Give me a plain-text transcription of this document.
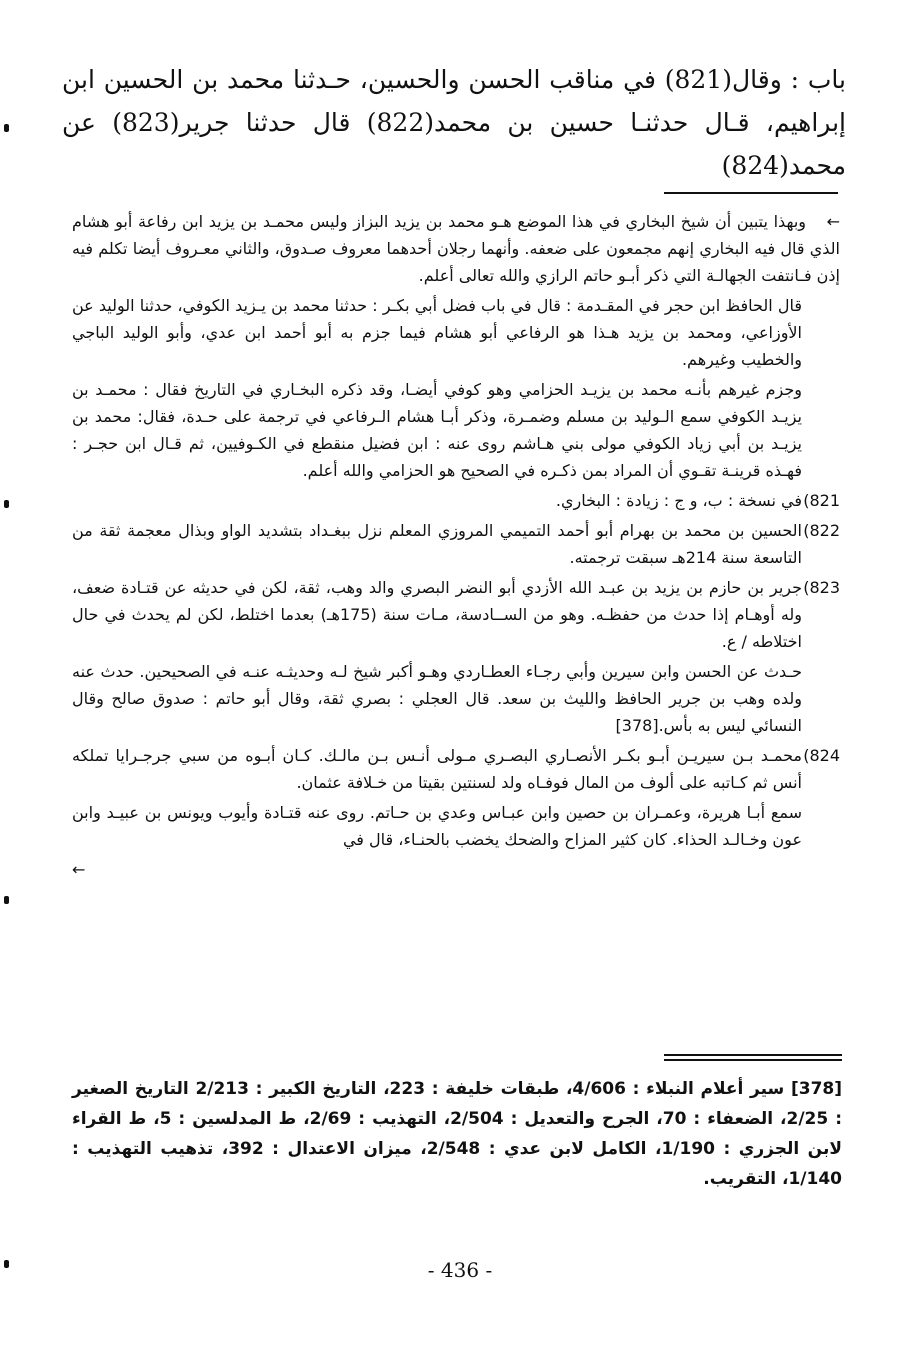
باب : وقال(821) في مناقب الحسن والحسين، حـدثنا محمد بن الحسين ابن إبراهيم، قـال حدثنـا حسين بن محمد(822) قال حدثنا جرير(823) عن محمد(824)
←وبهذا يتبين أن شيخ البخاري في هذا الموضع هـو محمد بن يزيد البزاز وليس محمـد بن يزيد ابن رفاعة أبو هشام الذي قال فيه البخاري إنهم مجمعون على ضعفه. وأنهما رجلان أحدهما معروف صـدوق، والثاني معـروف أيضا تكلم فيه إذن فـانتفت الجهالـة التي ذكر أبـو حاتم الرازي والله تعالى أعلم.
قال الحافظ ابن حجر في المقـدمة : قال في باب فضل أبي بكـر : حدثنا محمد بن يـزيد الكوفي، حدثنا الوليد عن الأوزاعي، ومحمد بن يزيد هـذا هو الرفاعي أبو هشام فيما جزم به أبو أحمد ابن عدي، وأبو الوليد الباجي والخطيب وغيرهم.
وجزم غيرهم بأنـه محمد بن يزيـد الحزامي وهو كوفي أيضـا، وقد ذكره البخـاري في التاريخ فقال : محمـد بن يزيـد الكوفي سمع الـوليد بن مسلم وضمـرة، وذكر أبـا هشام الـرفاعي في ترجمة على حـدة، فقال: محمد بن يزيـد بن أبي زياد الكوفي مولى بني هـاشم روى عنه : ابن فضيل منقطع في الكـوفيين، ثم قـال ابن حجـر : فهـذه قرينـة تقـوي أن المراد بمن ذكـره في الصحيح هو الحزامي والله أعلم.
821)
في نسخة : ب، و ج : زيادة : البخاري.
822)
الحسين بن محمد بن بهرام أبو أحمد التميمي المروزي المعلم نزل ببغـداد بتشديد الواو وبذال معجمة ثقة من التاسعة سنة 214هـ سبقت ترجمته.
823)
جرير بن حازم بن يزيد بن عبـد الله الأزدي أبو النضر البصري والد وهب، ثقة، لكن في حديثه عن قتـادة ضعف، وله أوهـام إذا حدث من حفظـه. وهو من الســادسة، مـات سنة (175هـ) بعدما اختلط، لكن لم يحدث في حال اختلاطه / ع.
حـدث عن الحسن وابن سيرين وأبي رجـاء العطـاردي وهـو أكبر شيخ لـه وحديثـه عنـه في الصحيحين. حدث عنه ولده وهب بن جرير الحافظ والليث بن سعد. قال العجلي : بصري ثقة، وقال أبو حاتم : صدوق صالح وقال النسائي ليس به بأس.[378]
824)
محمـد بـن سيريـن أبـو بكـر الأنصـاري البصـري مـولى أنـس بـن مالـك. كـان أبـوه من سبي جرجـرايا تملكه أنس ثم كـاتبه على ألوف من المال فوفـاه ولد لسنتين بقيتا من خـلافة عثمان.
سمع أبـا هريرة، وعمـران بن حصين وابن عبـاس وعدي بن حـاتم. روى عنه قتـادة وأيوب ويونس بن عبيـد وابن عون وخـالـد الحذاء. كان كثير المزاح والضحك يخضب بالحنـاء، قال في
←
[378] سير أعلام النبلاء : 4/606، طبقات خليفة : 223، التاريخ الكبير : 2/213 التاريخ الصغير : 2/25، الضعفاء : 70، الجرح والتعديل : 2/504، التهذيب : 2/69، ط المدلسين : 5، ط القراء لابن الجزري : 1/190، الكامل لابن عدي : 2/548، ميزان الاعتدال : 392، تذهيب التهذيب : 1/140، التقريب.
- 436 -
